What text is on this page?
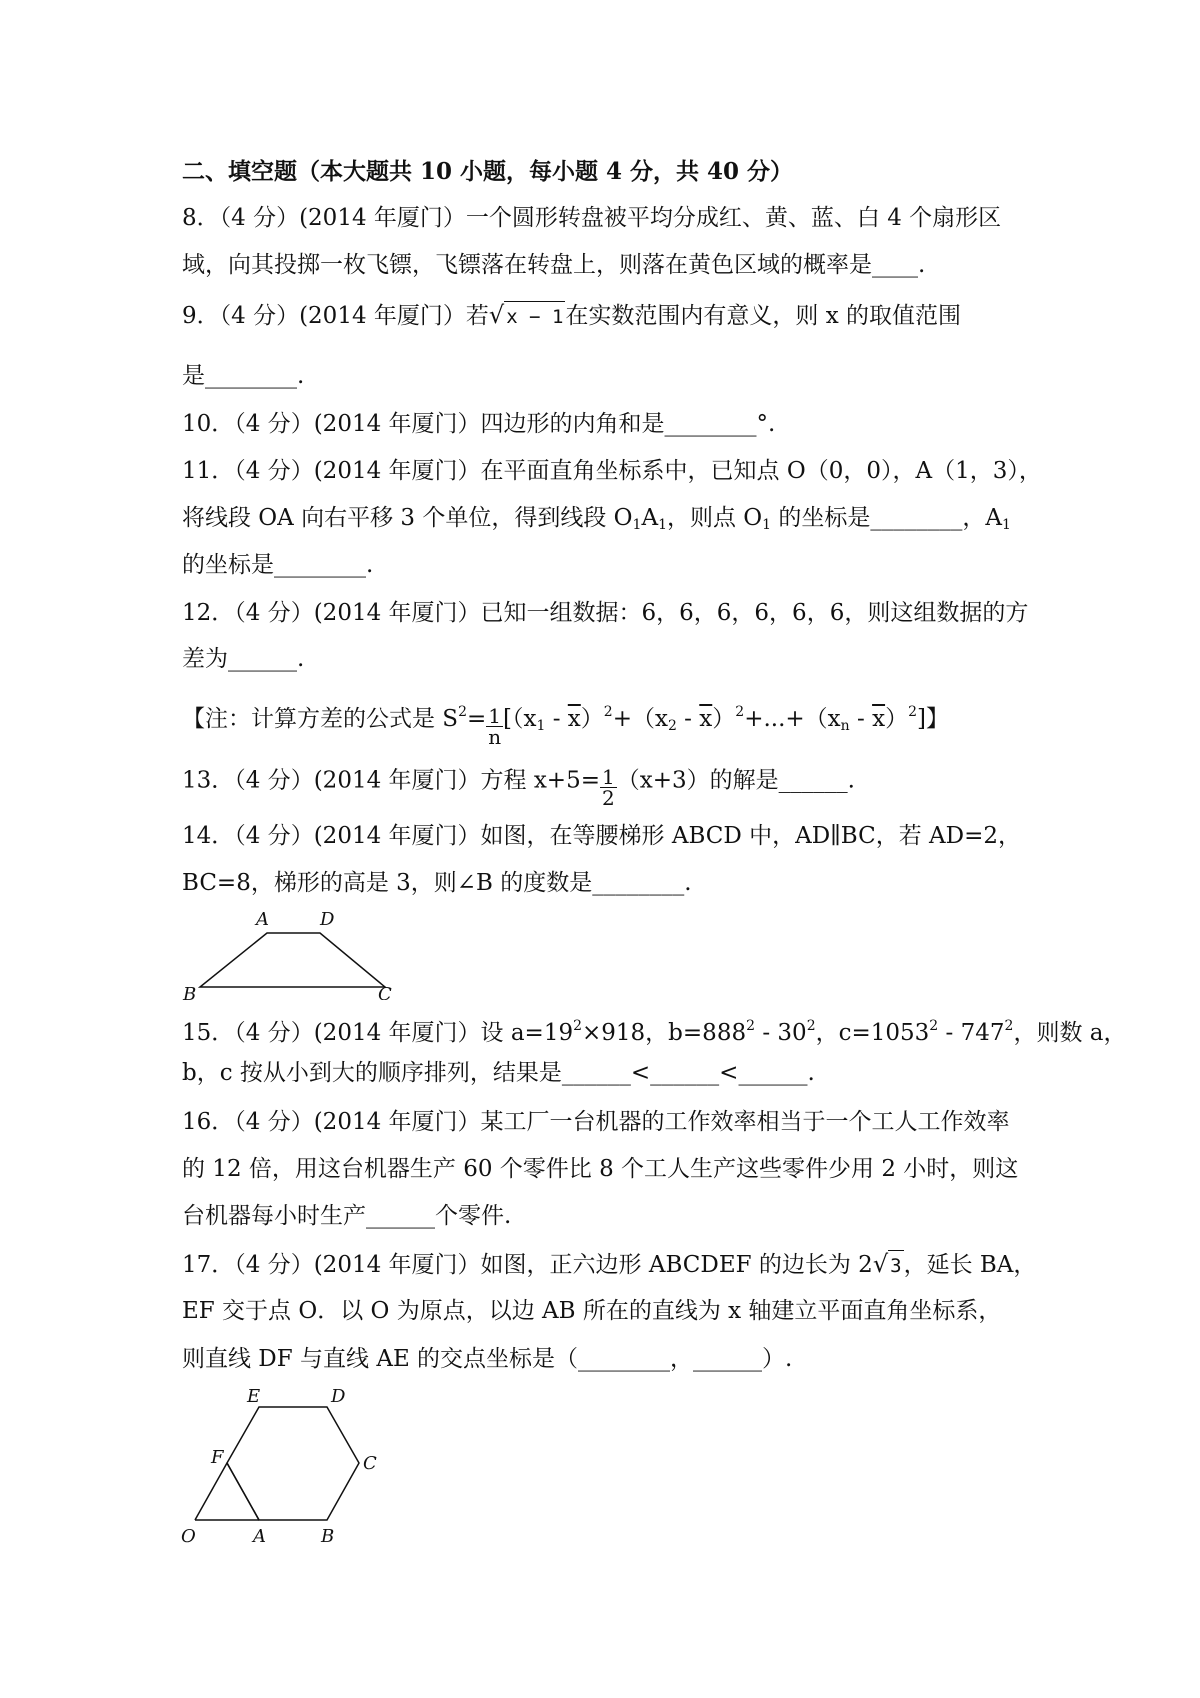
二、填空题（本大题共 10 小题，每小题 4 分，共 40 分）
8．（4 分）(2014 年厦门）一个圆形转盘被平均分成红、黄、蓝、白 4 个扇形区
域，向其投掷一枚飞镖，飞镖落在转盘上，则落在黄色区域的概率是____.
9．（4 分）(2014 年厦门）若√ x − 1在实数范围内有意义，则 x 的取值范围
是________.
10．（4 分）(2014 年厦门）四边形的内角和是________°.
11．（4 分）(2014 年厦门）在平面直角坐标系中，已知点 O（0，0），A（1，3），
将线段 OA 向右平移 3 个单位，得到线段 $O_1A_1$，则点 $O_1$ 的坐标是________，$A_1$
的坐标是________.
12．（4 分）(2014 年厦门）已知一组数据：6，6，6，6，6，6，则这组数据的方
差为______.
【注：计算方差的公式是 $S^2= \frac{1}{n} [(x_1 - \overline{x})^2+(x_2 - \overline{x})^2+...+(x_n - \overline{x})^2]$】
13．（4 分）(2014 年厦门）方程 $x+5= \frac{1}{2} (x+3)$的解是______.
14．（4 分）(2014 年厦门）如图，在等腰梯形 ABCD 中，AD∥BC，若 AD=2，
BC=8，梯形的高是 3，则∠B 的度数是________.
A	D
B	C
15．（4 分）(2014 年厦门）设 $a=19^2\times 918$，$b=888^2 - 30^2$，$c=1053^2 - 747^2$，则数 a，
b，c 按从小到大的顺序排列，结果是______<______<______.
16．（4 分）(2014 年厦门）某工厂一台机器的工作效率相当于一个工人工作效率
的 12 倍，用这台机器生产 60 个零件比 8 个工人生产这些零件少用 2 小时，则这
台机器每小时生产______个零件.
17．（4 分）(2014 年厦门）如图，正六边形 ABCDEF 的边长为 2√ 3，延长 BA，
EF 交于点 O．以 O 为原点，以边 AB 所在的直线为 x 轴建立平面直角坐标系，
则直线 DF 与直线 AE 的交点坐标是（________，______）.
E	D
C
F
O	A	B
